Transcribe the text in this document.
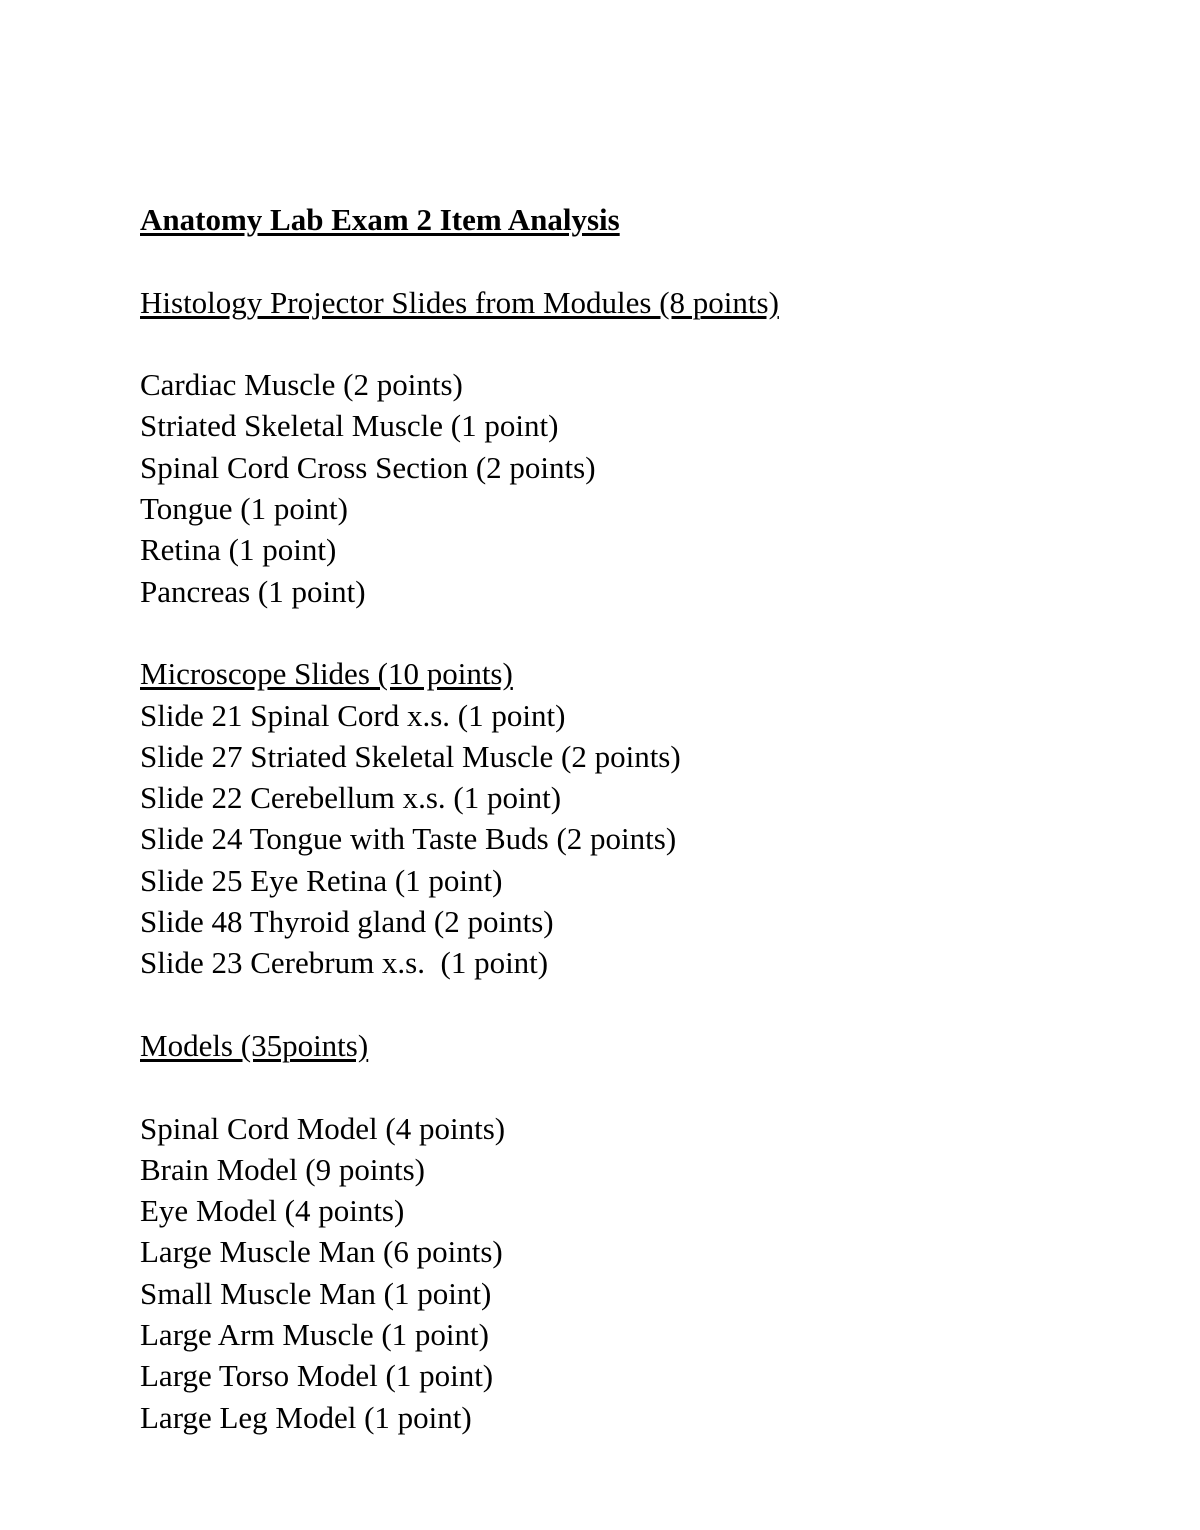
Anatomy Lab Exam 2 Item Analysis
Histology Projector Slides from Modules (8 points)
Cardiac Muscle (2 points)
Striated Skeletal Muscle (1 point)
Spinal Cord Cross Section (2 points)
Tongue (1 point)
Retina (1 point)
Pancreas (1 point)
Microscope Slides (10 points)
Slide 21 Spinal Cord x.s. (1 point)
Slide 27 Striated Skeletal Muscle (2 points)
Slide 22 Cerebellum x.s. (1 point)
Slide 24 Tongue with Taste Buds (2 points)
Slide 25 Eye Retina (1 point)
Slide 48 Thyroid gland (2 points)
Slide 23 Cerebrum x.s.  (1 point)
Models (35points)
Spinal Cord Model (4 points)
Brain Model (9 points)
Eye Model (4 points)
Large Muscle Man (6 points)
Small Muscle Man (1 point)
Large Arm Muscle (1 point)
Large Torso Model (1 point)
Large Leg Model (1 point)
